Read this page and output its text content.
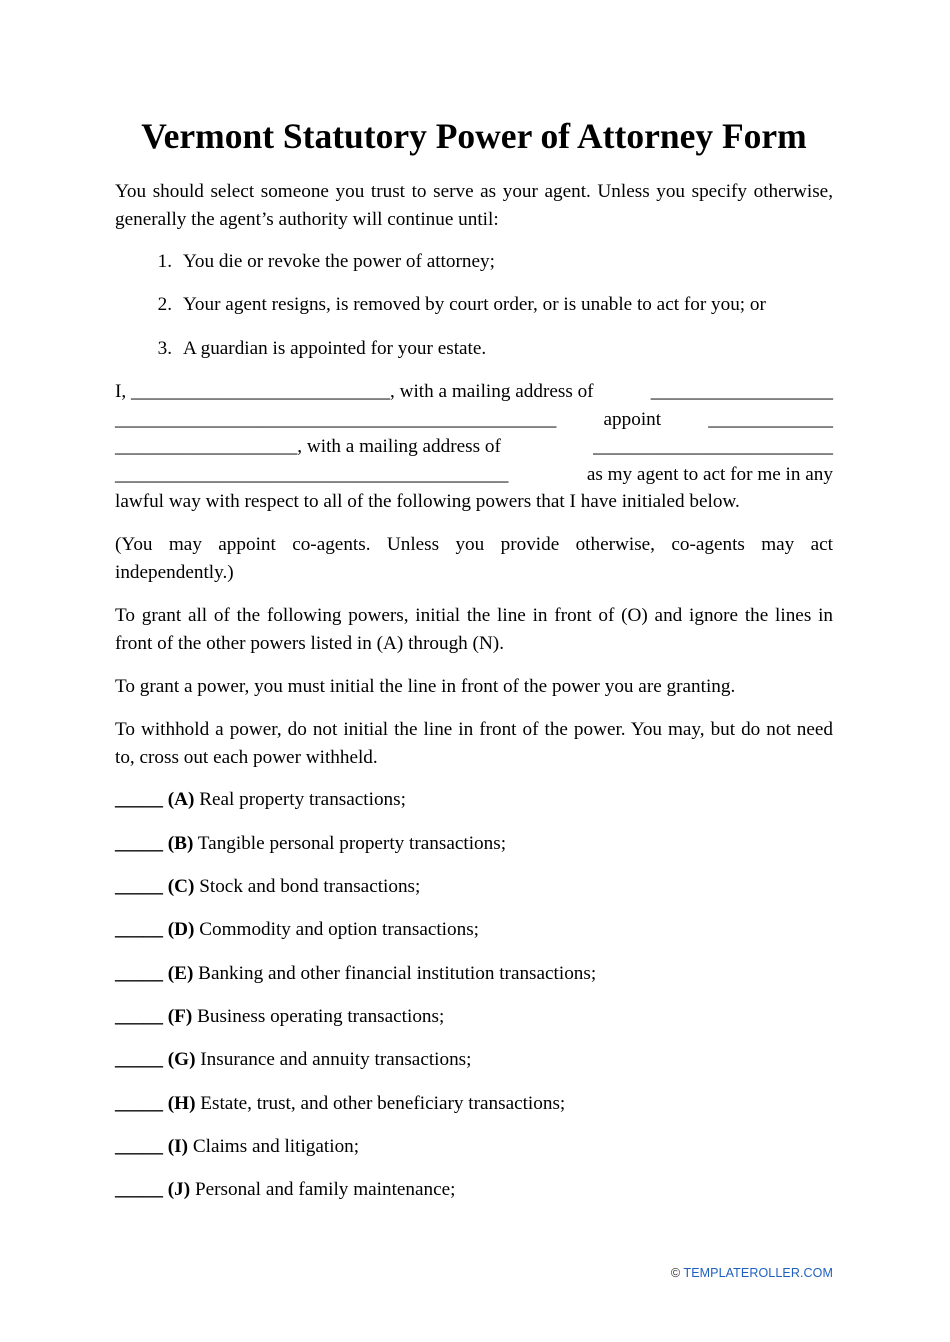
Vermont Statutory Power of Attorney Form

You should select someone you trust to serve as your agent. Unless you specify otherwise, generally the agent’s authority will continue until:

1. You die or revoke the power of attorney;
2. Your agent resigns, is removed by court order, or is unable to act for you; or
3. A guardian is appointed for your estate.
I, ___________________________, with a mailing address of	___________________
______________________________________________ appoint _____________
___________________, with a mailing address of	_________________________
_________________________________________	as my agent to act for me in any
lawful way with respect to all of the following powers that I have initialed below.

(You may appoint co-agents. Unless you provide otherwise, co-agents may act independently.)

To grant all of the following powers, initial the line in front of (O) and ignore the lines in front of the other powers listed in (A) through (N).

To grant a power, you must initial the line in front of the power you are granting.

To withhold a power, do not initial the line in front of the power. You may, but do not need to, cross out each power withheld.

_____ (A) Real property transactions;
_____ (B) Tangible personal property transactions;
_____ (C) Stock and bond transactions;
_____ (D) Commodity and option transactions;
_____ (E) Banking and other financial institution transactions;
_____ (F) Business operating transactions;
_____ (G) Insurance and annuity transactions;
_____ (H) Estate, trust, and other beneficiary transactions;
_____ (I) Claims and litigation;
_____ (J) Personal and family maintenance;
© TEMPLATEROLLER.COM
